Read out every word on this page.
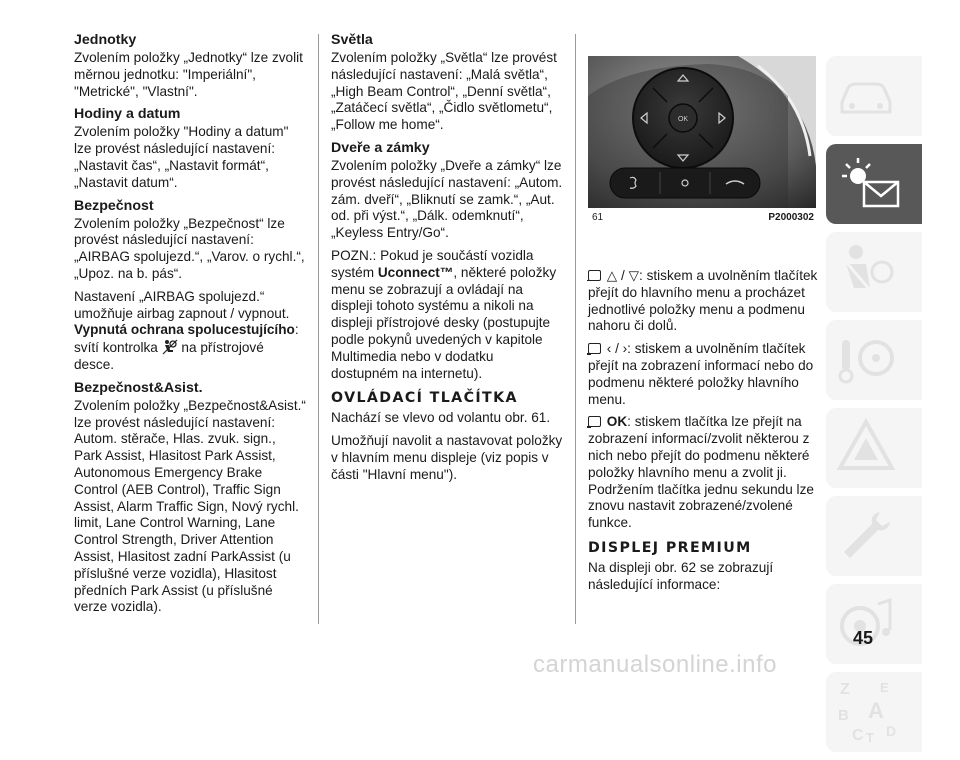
Jednotky

Zvolením položky „Jednotky“ lze zvolit měrnou jednotku: "Imperiální", "Metrické", "Vlastní".

Hodiny a datum

Zvolením položky "Hodiny a datum" lze provést následující nastavení: „Nastavit čas“, „Nastavit formát“, „Nastavit datum“.

Bezpečnost

Zvolením položky „Bezpečnost“ lze provést následující nastavení: „AIRBAG spolujezd.“, „Varov. o rychl.“, „Upoz. na b. pás“.

Nastavení „AIRBAG spolujezd.“ umožňuje airbag zapnout / vypnout.

Vypnutá ochrana spolucestujícího:
svítí kontrolka na přístrojové desce.

Bezpečnost&Asist.

Zvolením položky „Bezpečnost&Asist.“ lze provést následující nastavení: Autom. stěrače, Hlas. zvuk. sign., Park Assist, Hlasitost Park Assist, Autonomous Emergency Brake Control (AEB Control), Traffic Sign Assist, Alarm Traffic Sign, Nový rychl. limit, Lane Control Warning, Lane Control Strength, Driver Attention Assist, Hlasitost zadní ParkAssist (u příslušné verze vozidla), Hlasitost předních Park Assist (u příslušné verze vozidla).

Světla

Zvolením položky „Světla“ lze provést následující nastavení: „Malá světla“, „High Beam Control“, „Denní světla“, „Zatáčecí světla“, „Čidlo světlometu“, „Follow me home“.

Dveře a zámky

Zvolením položky „Dveře a zámky“ lze provést následující nastavení: „Autom. zám. dveří“, „Bliknutí se zamk.“, „Aut. od. při výst.“, „Dálk. odemknutí“, „Keyless Entry/Go“.

POZN.: Pokud je součástí vozidla systém Uconnect™, některé položky menu se zobrazují a ovládají na displeji tohoto systému a nikoli na displeji přístrojové desky (postupujte podle pokynů uvedených v kapitole Multimedia nebo v dodatku dostupném na internetu).

OVLÁDACÍ TLAČÍTKA

Nachází se vlevo od volantu obr. 61.

Umožňují navolit a nastavovat položky v hlavním menu displeje (viz popis v části "Hlavní menu").

OK
61	P2000302

△ / ▽: stiskem a uvolněním tlačítek přejít do hlavního menu a procházet jednotlivé položky menu a podmenu nahoru či dolů.

‹ / ›: stiskem a uvolněním tlačítek přejít na zobrazení informací nebo do podmenu některé položky hlavního menu.

OK: stiskem tlačítka lze přejít na zobrazení informací/zvolit některou z nich nebo přejít do podmenu některé položky hlavního menu a zvolit ji. Podržením tlačítka jednu sekundu lze znovu nastavit zobrazené/zvolené funkce.

DISPLEJ PREMIUM

Na displeji obr. 62 se zobrazují následující informace:

Z E
B A
C T D
45
carmanualsonline.info
